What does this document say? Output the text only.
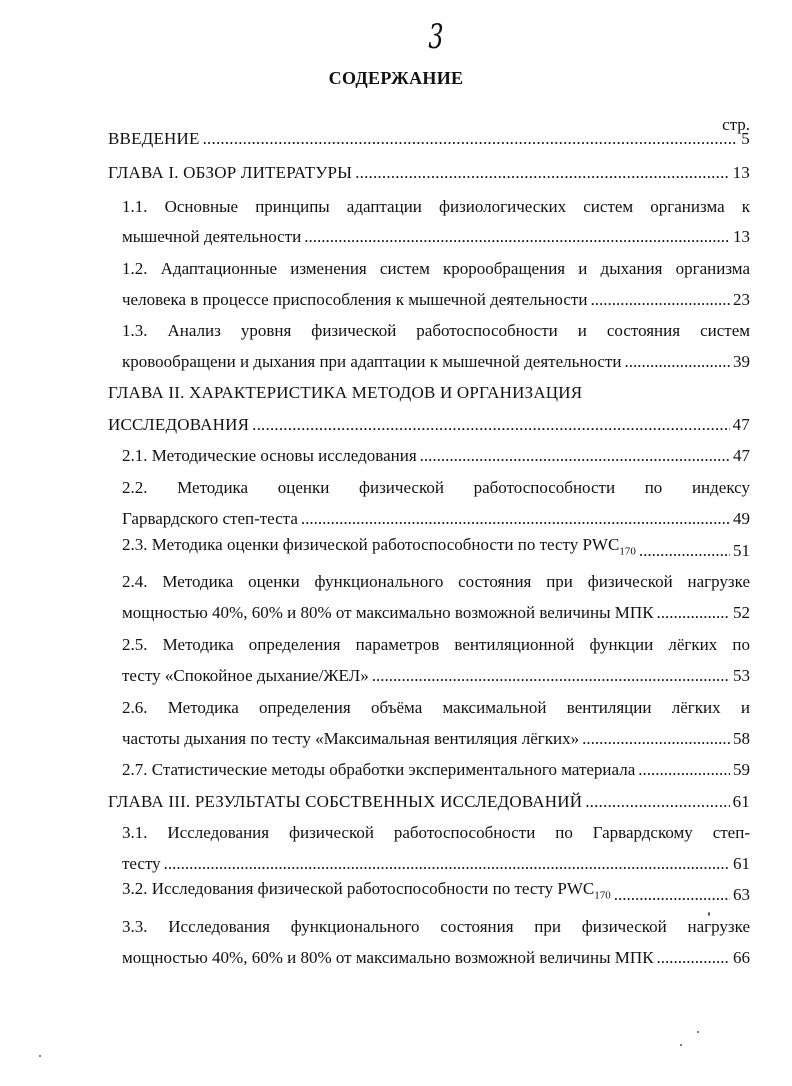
3
СОДЕРЖАНИЕ
стр.
ВВЕДЕНИЕ .....	5
ГЛАВА I. ОБЗОР ЛИТЕРАТУРЫ .....	13
1.1. Основные принципы адаптации физиологических систем организма к
мышечной деятельности .....	13
1.2. Адаптационные изменения систем кророобращения и дыхания организма
человека в процессе приспособления к мышечной деятельности .....	23
1.3. Анализ уровня физической работоспособности и состояния систем
кровообращени и дыхания при адаптации к мышечной деятельности .....	39
ГЛАВА II. ХАРАКТЕРИСТИКА МЕТОДОВ И ОРГАНИЗАЦИЯ
ИССЛЕДОВАНИЯ .....	47
2.1. Методические основы исследования .....	47
2.2. Методика оценки физической работоспособности по индексу
Гарвардского степ-теста .....	49
2.3. Методика оценки физической работоспособности по тесту $PWC_{170}$ .....	51
2.4. Методика оценки функционального состояния при физической нагрузке
мощностью 40%, 60% и 80% от максимально возможной величины МПК .....	52
2.5. Методика определения параметров вентиляционной функции лёгких по
тесту «Спокойное дыхание/ЖЕЛ» .....	53
2.6. Методика определения объёма максимальной вентиляции лёгких и
частоты дыхания по тесту «Максимальная вентиляция лёгких» .....	58
2.7. Статистические методы обработки экспериментального материала .....	59
ГЛАВА III. РЕЗУЛЬТАТЫ СОБСТВЕННЫХ ИССЛЕДОВАНИЙ .....	61
3.1. Исследования физической работоспособности по Гарвардскому степ-
тесту .....	61
3.2. Исследования физической работоспособности по тесту $PWC_{170}$ .....	63
3.3. Исследования функционального состояния при физической нагрузке
мощностью 40%, 60% и 80% от максимально возможной величины МПК .....	66
